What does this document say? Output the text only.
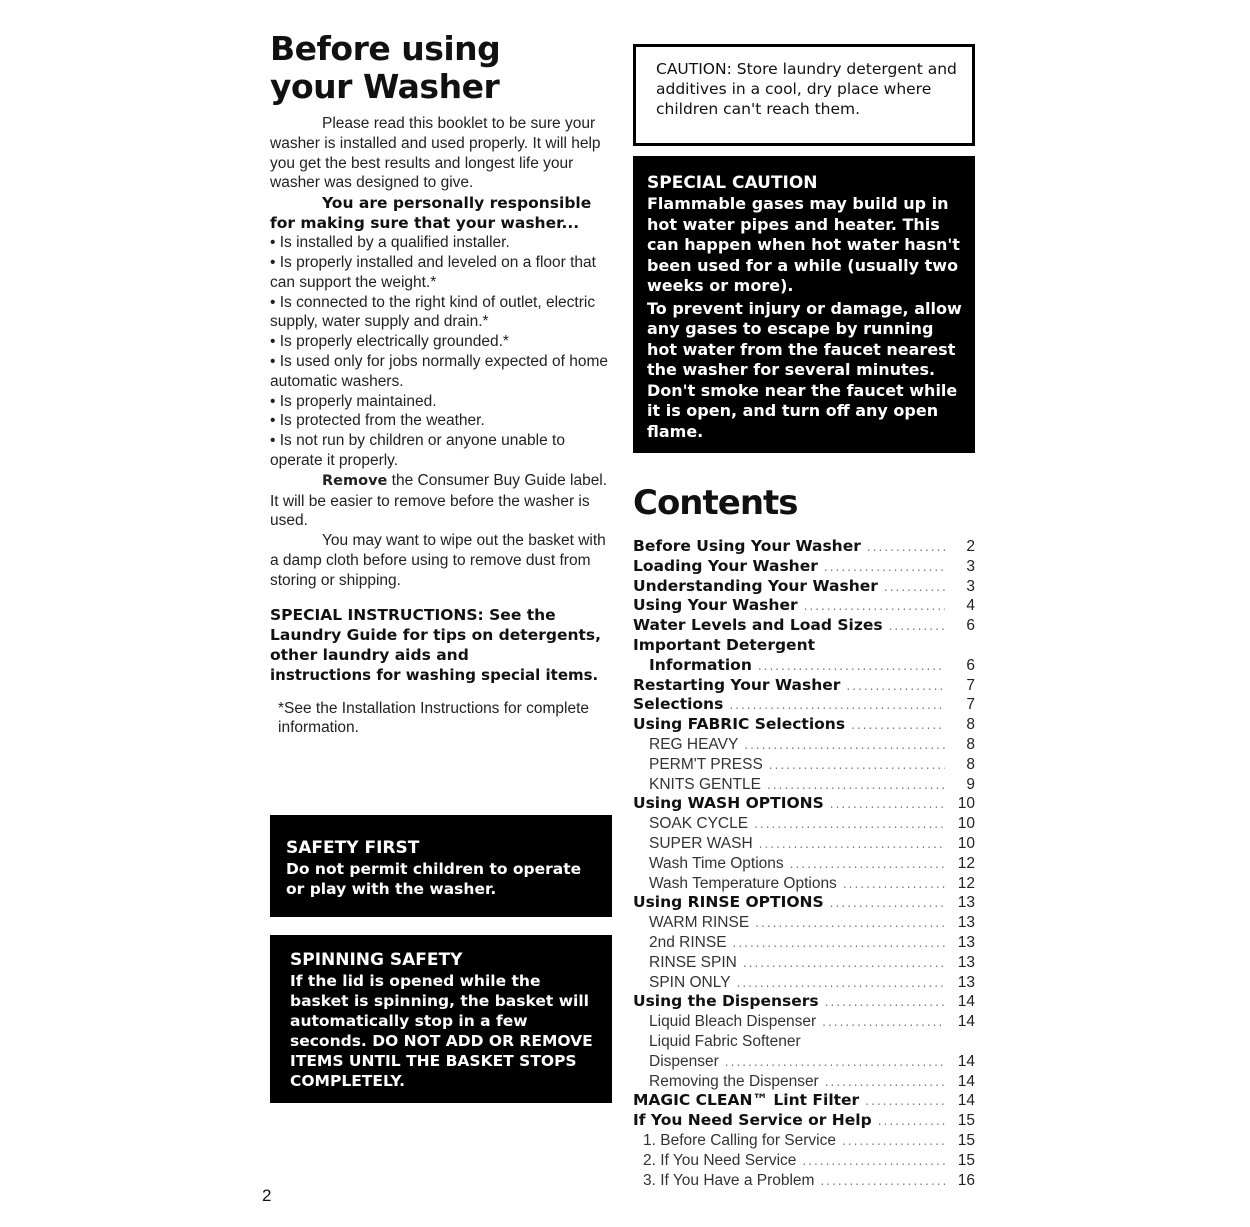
Before using
your Washer

Please read this booklet to be sure your washer is installed and used properly. It will help you get the best results and longest life your washer was designed to give.

You are personally responsible for making sure that your washer...

• Is installed by a qualified installer.
• Is properly installed and leveled on a floor that can support the weight.*
• Is connected to the right kind of outlet, electric supply, water supply and drain.*
• Is properly electrically grounded.*
• Is used only for jobs normally expected of home automatic washers.
• Is properly maintained.
• Is protected from the weather.
• Is not run by children or anyone unable to operate it properly.

Remove the Consumer Buy Guide label. It will be easier to remove before the washer is used.

You may want to wipe out the basket with a damp cloth before using to remove dust from storing or shipping.

SPECIAL INSTRUCTIONS: See the Laundry Guide for tips on detergents, other laundry aids and

instructions for washing special items.

*See the Installation Instructions for complete information.

SAFETY FIRST
Do not permit children to operate or play with the washer.
SPINNING SAFETY
If the lid is opened while the basket is spinning, the basket will automatically stop in a few seconds. DO NOT ADD OR REMOVE ITEMS UNTIL THE BASKET STOPS COMPLETELY.
CAUTION: Store laundry detergent and additives in a cool, dry place where children can't reach them.
SPECIAL CAUTION
Flammable gases may build up in hot water pipes and heater. This can happen when hot water hasn't been used for a while (usually two weeks or more).
To prevent injury or damage, allow any gases to escape by running hot water from the faucet nearest the washer for several minutes. Don't smoke near the faucet while it is open, and turn off any open flame.
Contents
Before Using Your Washer .....	2
Loading Your Washer .....	3
Understanding Your Washer .....	3
Using Your Washer .....	4
Water Levels and Load Sizes .....	6
Important Detergent
Information .....	6
Restarting Your Washer .....	7
Selections .....	7
Using FABRIC Selections .....	8
REG HEAVY .....	8
PERM'T PRESS .....	8
KNITS GENTLE .....	9
Using WASH OPTIONS .....	10
SOAK CYCLE .....	10
SUPER WASH .....	10
Wash Time Options .....	12
Wash Temperature Options .....	12
Using RINSE OPTIONS .....	13
WARM RINSE .....	13
2nd RINSE .....	13
RINSE SPIN .....	13
SPIN ONLY .....	13
Using the Dispensers .....	14
Liquid Bleach Dispenser .....	14
Liquid Fabric Softener
Dispenser .....	14
Removing the Dispenser .....	14
MAGIC CLEAN™ Lint Filter .....	14
If You Need Service or Help .....	15
1. Before Calling for Service .....	15
2. If You Need Service .....	15
3. If You Have a Problem .....	16
2
